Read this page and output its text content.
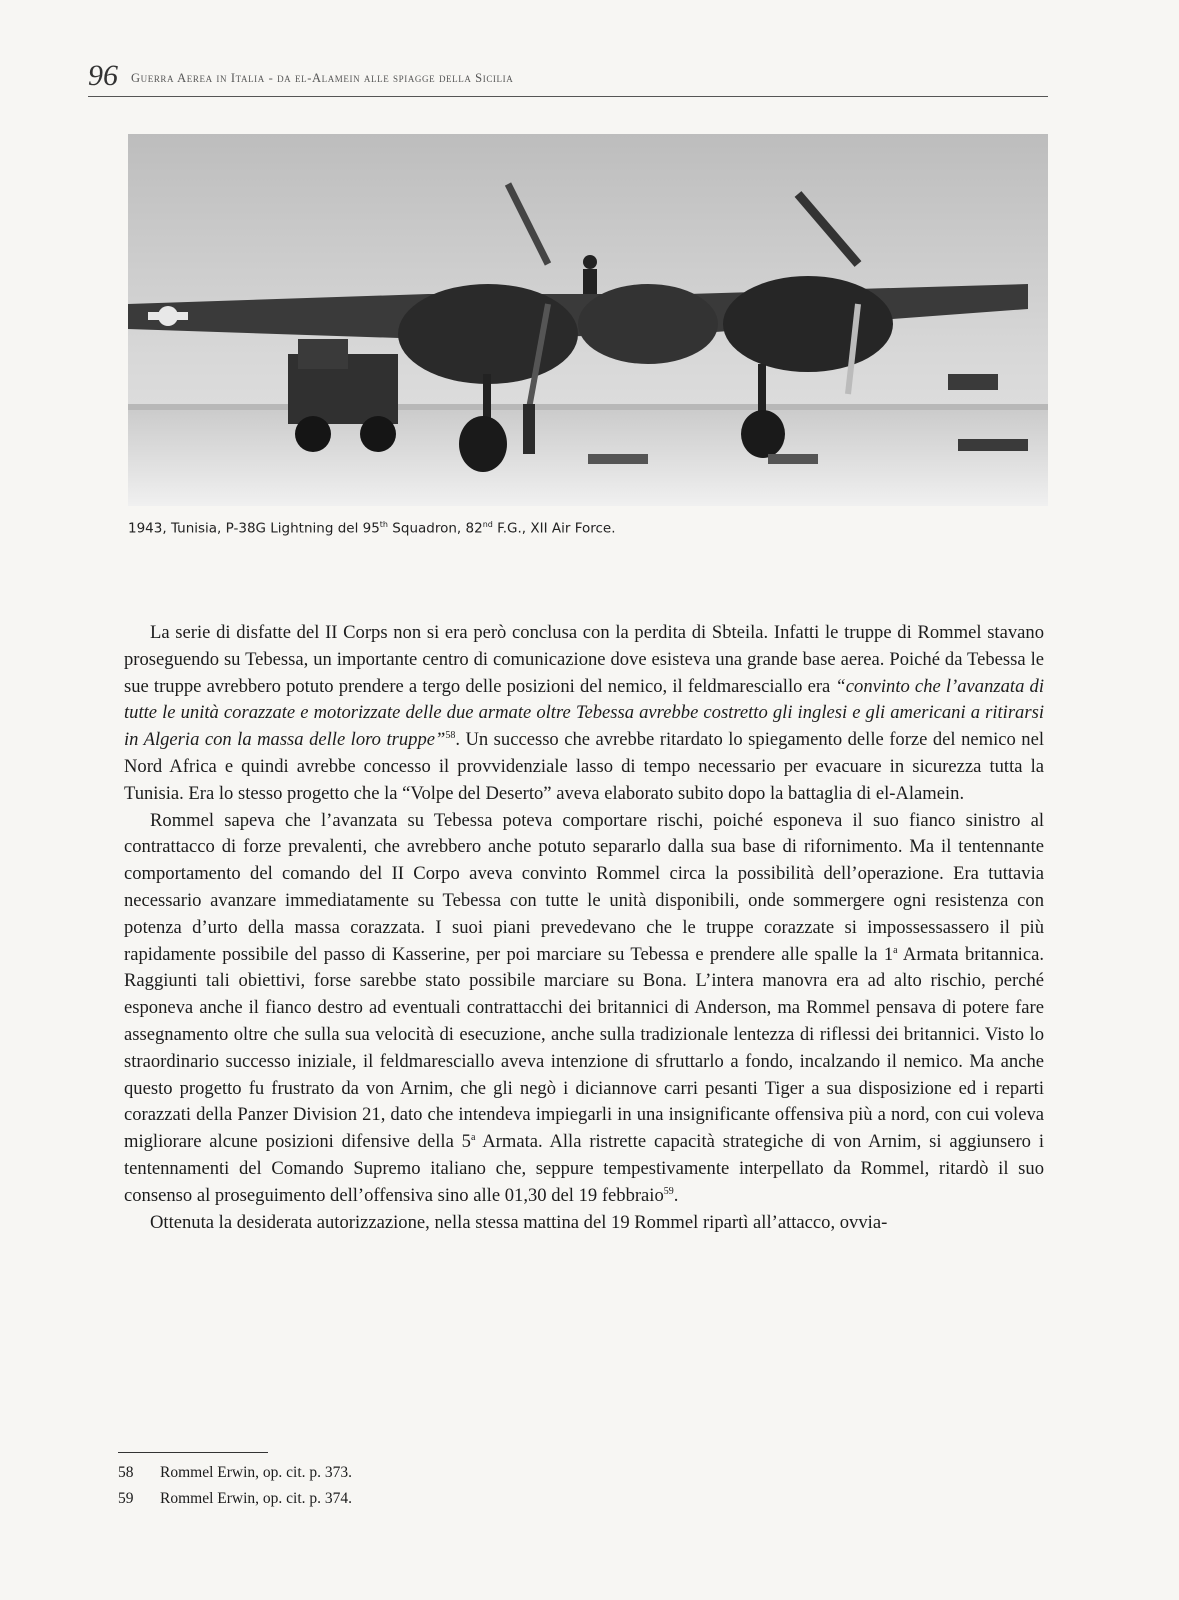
96 Guerra Aerea in Italia - da el-Alamein alle spiagge della Sicilia
1943, Tunisia, P-38G Lightning del 95th Squadron, 82nd F.G., XII Air Force.

La serie di disfatte del II Corps non si era però conclusa con la perdita di Sbteila. Infatti le truppe di Rommel stavano proseguendo su Tebessa, un importante centro di comunicazione dove esisteva una grande base aerea. Poiché da Tebessa le sue truppe avrebbero potuto prendere a tergo delle posizioni del nemico, il feldmaresciallo era “convinto che l’avanzata di tutte le unità corazzate e motorizzate delle due armate oltre Tebessa avrebbe costretto gli inglesi e gli americani a ritirarsi in Algeria con la massa delle loro truppe”$^{58}$. Un successo che avrebbe ritardato lo spiegamento delle forze del nemico nel Nord Africa e quindi avrebbe concesso il provvidenziale lasso di tempo necessario per evacuare in sicurezza tutta la Tunisia. Era lo stesso progetto che la “Volpe del Deserto” aveva elaborato subito dopo la battaglia di el-Alamein.

Rommel sapeva che l’avanzata su Tebessa poteva comportare rischi, poiché esponeva il suo fianco sinistro al contrattacco di forze prevalenti, che avrebbero anche potuto separarlo dalla sua base di rifornimento. Ma il tentennante comportamento del comando del II Corpo aveva convinto Rommel circa la possibilità dell’operazione. Era tuttavia necessario avanzare immediatamente su Tebessa con tutte le unità disponibili, onde sommergere ogni resistenza con potenza d’urto della massa corazzata. I suoi piani prevedevano che le truppe corazzate si impossessassero il più rapidamente possibile del passo di Kasserine, per poi marciare su Tebessa e prendere alle spalle la 1$^a$ Armata britannica. Raggiunti tali obiettivi, forse sarebbe stato possibile marciare su Bona. L’intera manovra era ad alto rischio, perché esponeva anche il fianco destro ad eventuali contrattacchi dei britannici di Anderson, ma Rommel pensava di potere fare assegnamento oltre che sulla sua velocità di esecuzione, anche sulla tradizionale lentezza di riflessi dei britannici. Visto lo straordinario successo iniziale, il feldmaresciallo aveva intenzione di sfruttarlo a fondo, incalzando il nemico. Ma anche questo progetto fu frustrato da von Arnim, che gli negò i diciannove carri pesanti Tiger a sua disposizione ed i reparti corazzati della Panzer Division 21, dato che intendeva impiegarli in una insignificante offensiva più a nord, con cui voleva migliorare alcune posizioni difensive della 5$^a$ Armata. Alla ristrette capacità strategiche di von Arnim, si aggiunsero i tentennamenti del Comando Supremo italiano che, seppure tempestivamente interpellato da Rommel, ritardò il suo consenso al proseguimento dell’offensiva sino alle 01,30 del 19 febbraio$^{59}$.

Ottenuta la desiderata autorizzazione, nella stessa mattina del 19 Rommel ripartì all’attacco, ovvia-

58 Rommel Erwin, op. cit. p. 373.
59 Rommel Erwin, op. cit. p. 374.
